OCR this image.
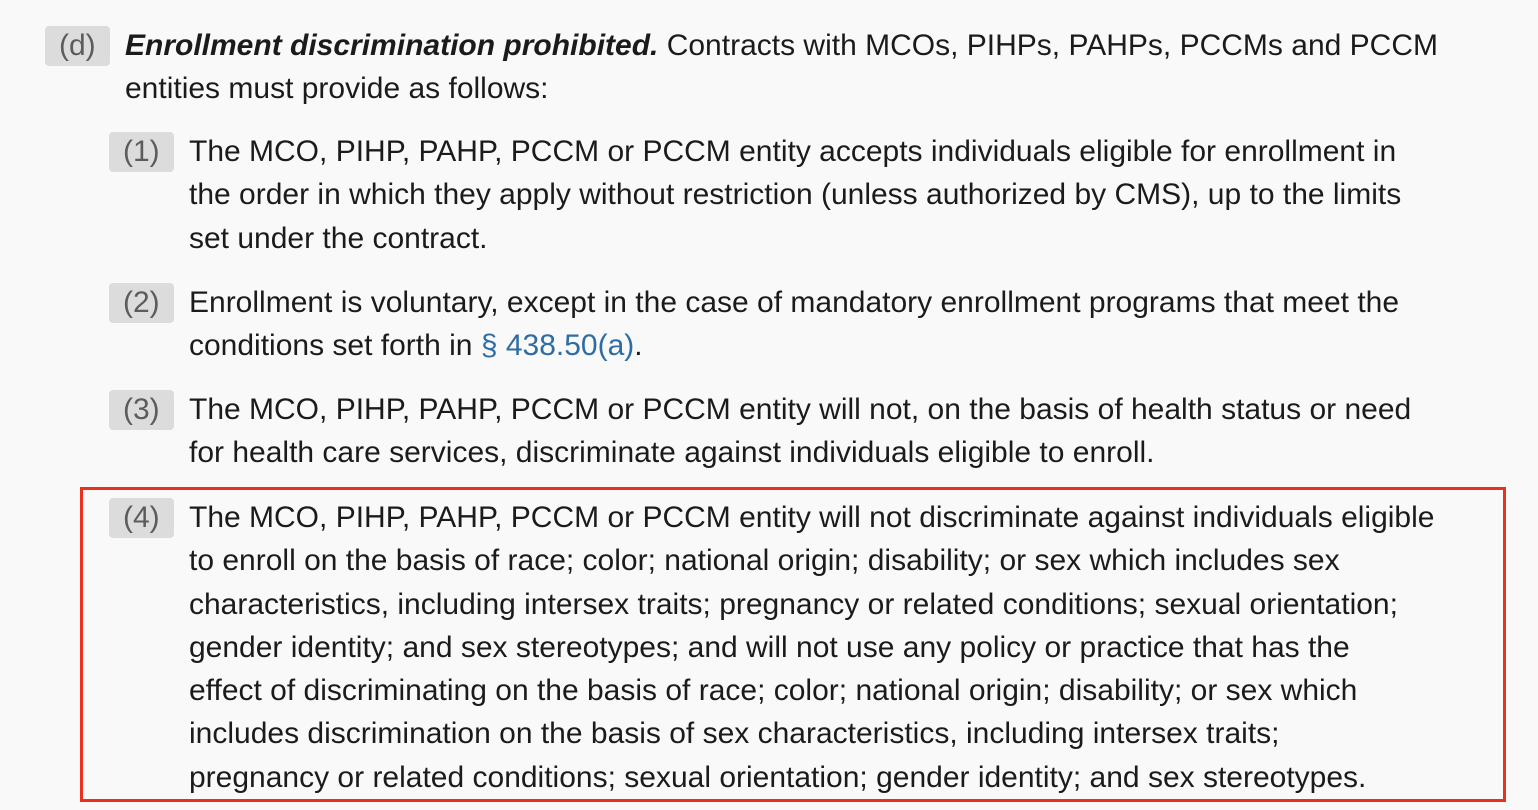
(d) Enrollment discrimination prohibited. Contracts with MCOs, PIHPs, PAHPs, PCCMs and PCCM
entities must provide as follows:
(1) The MCO, PIHP, PAHP, PCCM or PCCM entity accepts individuals eligible for enrollment in
the order in which they apply without restriction (unless authorized by CMS), up to the limits
set under the contract.
(2) Enrollment is voluntary, except in the case of mandatory enrollment programs that meet the
conditions set forth in § 438.50(a).
(3) The MCO, PIHP, PAHP, PCCM or PCCM entity will not, on the basis of health status or need
for health care services, discriminate against individuals eligible to enroll.
(4) The MCO, PIHP, PAHP, PCCM or PCCM entity will not discriminate against individuals eligible
to enroll on the basis of race; color; national origin; disability; or sex which includes sex
characteristics, including intersex traits; pregnancy or related conditions; sexual orientation;
gender identity; and sex stereotypes; and will not use any policy or practice that has the
effect of discriminating on the basis of race; color; national origin; disability; or sex which
includes discrimination on the basis of sex characteristics, including intersex traits;
pregnancy or related conditions; sexual orientation; gender identity; and sex stereotypes.
